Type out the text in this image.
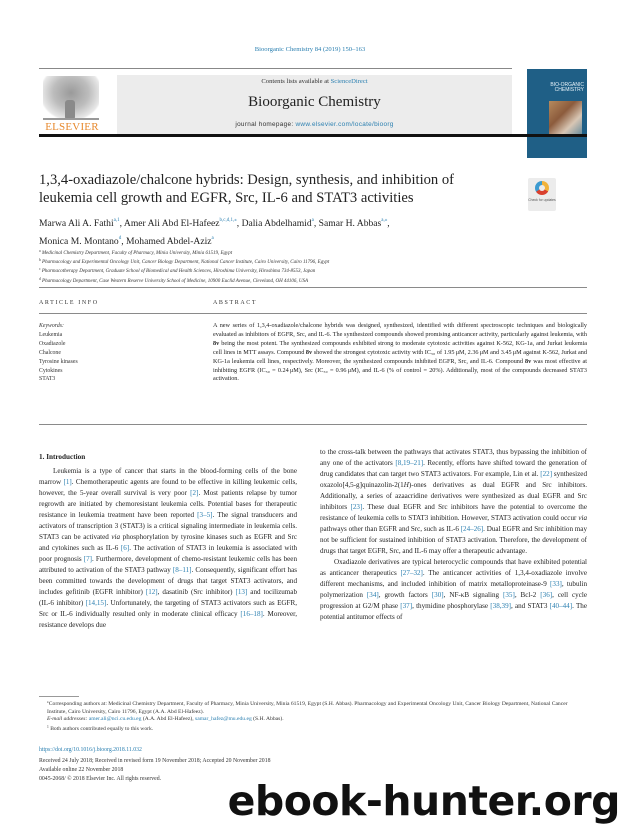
Bioorganic Chemistry 84 (2019) 150–163
ELSEVIER
Contents lists available at ScienceDirect
Bioorganic Chemistry
journal homepage: www.elsevier.com/locate/bioorg
BIO-ORGANIC
CHEMISTRY
1,3,4-oxadiazole/chalcone hybrids: Design, synthesis, and inhibition of leukemia cell growth and EGFR, Src, IL-6 and STAT3 activities	Check for updates
Marwa Ali A. Fathi$^{a,1}$, Amer Ali Abd El-Hafeez$^{b,c,d,1,⁎}$, Dalia Abdelhamid$^a$, Samar H. Abbas$^{a,⁎}$,
Monica M. Montano$^d$, Mohamed Abdel-Aziz$^a$
$^a$ Medicinal Chemistry Department, Faculty of Pharmacy, Minia University, Minia 61519, Egypt
$^b$ Pharmacology and Experimental Oncology Unit, Cancer Biology Department, National Cancer Institute, Cairo University, Cairo 11796, Egypt
$^c$ Pharmacotherapy Department, Graduate School of Biomedical and Health Sciences, Hiroshima University, Hiroshima 734-8553, Japan
$^d$ Pharmacology Department, Case Western Reserve University School of Medicine, 10900 Euclid Avenue, Cleveland, OH 44106, USA
ARTICLE INFO	ABSTRACT
Keywords:
Leukemia
Oxadiazole
Chalcone
Tyrosine kinases
Cytokines
STAT3
A new series of 1,3,4-oxadiazole/chalcone hybrids was designed, synthesized, identified with different spectroscopic techniques and biologically evaluated as inhibitors of EGFR, Src, and IL-6. The synthesized compounds showed promising anticancer activity, particularly against leukemia, with 8v being the most potent. The synthesized compounds exhibited strong to moderate cytotoxic activities against K-562, KG-1a, and Jurkat leukemia cell lines in MTT assays. Compound 8v showed the strongest cytotoxic activity with IC₅₀ of 1.95 μM, 2.36 μM and 3.45 μM against K-562, Jurkat and KG-1a leukemia cell lines, respectively. Moreover, the synthesized compounds inhibited EGFR, Src, and IL-6. Compound 8v was most effective at inhibiting EGFR (IC₅₀ = 0.24 μM), Src (IC₅₀ = 0.96 μM), and IL-6 (% of control = 20%). Additionally, most of the compounds decreased STAT3 activation.
1. Introduction

Leukemia is a type of cancer that starts in the blood-forming cells of the bone marrow [1]. Chemotherapeutic agents are found to be effective in killing leukemic cells, however, the 5-year overall survival is very poor [2]. Most patients relapse by tumor regrowth are initiated by chemoresistant leukemia cells. Potential bases for therapeutic resistance in leukemia treatment have been reported [3–5]. The signal transducers and activators of transcription 3 (STAT3) is a critical signaling intermediate in leukemia cells. STAT3 can be activated via phosphorylation by tyrosine kinases such as EGFR and Src and cytokines such as IL-6 [6]. The activation of STAT3 in leukemia is associated with poor prognosis [7]. Furthermore, development of chemo-resistant leukemic cells has been attributed to activation of the STAT3 pathway [8–11]. Consequently, significant effort has been committed towards the development of drugs that target STAT3 activators, and includes gefitinib (EGFR inhibitor) [12], dasatinib (Src inhibitor) [13] and tocilizumab (IL-6 inhibitor) [14,15]. Unfortunately, the targeting of STAT3 activators such as EGFR, Src or IL-6 individually resulted only in moderate clinical efficacy [16–18]. Moreover, resistance develops due

to the cross-talk between the pathways that activates STAT3, thus bypassing the inhibition of any one of the activators [8,19–21]. Recently, efforts have shifted toward the generation of drug candidates that can target two STAT3 activators. For example, Lin et al. [22] synthesized oxazolo[4,5-g]quinazolin-2(1H)-ones derivatives as dual EGFR and Src inhibitors. Additionally, a series of azaacridine derivatives were synthesized as dual EGFR and Src inhibitors [23]. These dual EGFR and Src inhibitors have the potential to overcome the resistance of leukemia cells to STAT3 inhibition. However, STAT3 activation could occur via pathways other than EGFR and Src, such as IL-6 [24–26]. Dual EGFR and Src inhibition may not be sufficient for sustained inhibition of STAT3 activation. Therefore, the development of drugs that target EGFR, Src, and IL-6 may offer a therapeutic advantage.

Oxadiazole derivatives are typical heterocyclic compounds that have exhibited potential as anticancer therapeutics [27–32]. The anticancer activities of 1,3,4-oxadiazole involve different mechanisms, and included inhibition of matrix metalloproteinase-9 [33], tubulin polymerization [34], growth factors [30], NF-κB signaling [35], Bcl-2 [36], cell cycle progression at G2/M phase [37], thymidine phosphorylase [38,39], and STAT3 [40–44]. The potential antitumor effects of

⁎Corresponding authors at: Medicinal Chemistry Department, Faculty of Pharmacy, Minia University, Minia 61519, Egypt (S.H. Abbas). Pharmacology and Experimental Oncology Unit, Cancer Biology Department, National Cancer Institute, Cairo University, Cairo 11796, Egypt (A.A. Abd El-Hafeez).

E-mail addresses: amer.ali@nci.cu.edu.eg (A.A. Abd El-Hafeez), samar_hafez@mu.edu.eg (S.H. Abbas).

$^1$ Both authors contributed equally to this work.

https://doi.org/10.1016/j.bioorg.2018.11.032

Received 24 July 2018; Received in revised form 19 November 2018; Accepted 20 November 2018

Available online 22 November 2018

0045-2068/ © 2018 Elsevier Inc. All rights reserved.	ebook-hunter.org
